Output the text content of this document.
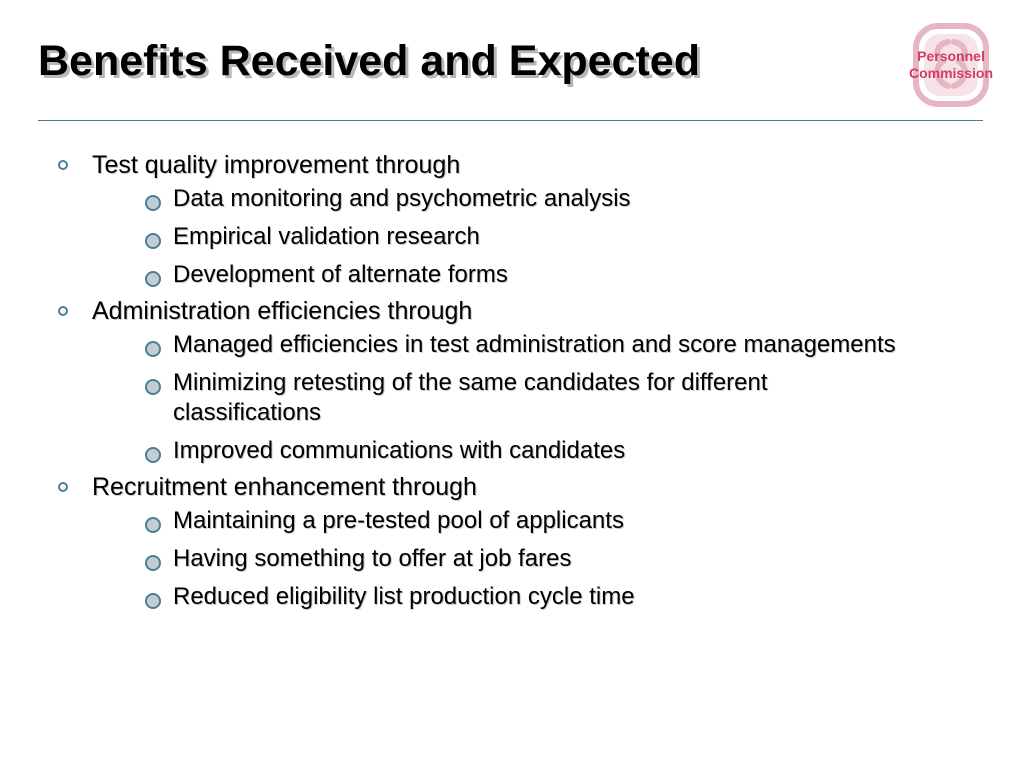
Benefits Received and Expected	Personnel
Commission
Test quality improvement through
Data monitoring and psychometric analysis
Empirical validation research
Development of alternate forms
Administration efficiencies through
Managed efficiencies in test administration and score managements
Minimizing retesting of the same candidates for different classifications
Improved communications with candidates
Recruitment enhancement through
Maintaining a pre-tested pool of applicants
Having something to offer at job fares
Reduced eligibility list production cycle time
